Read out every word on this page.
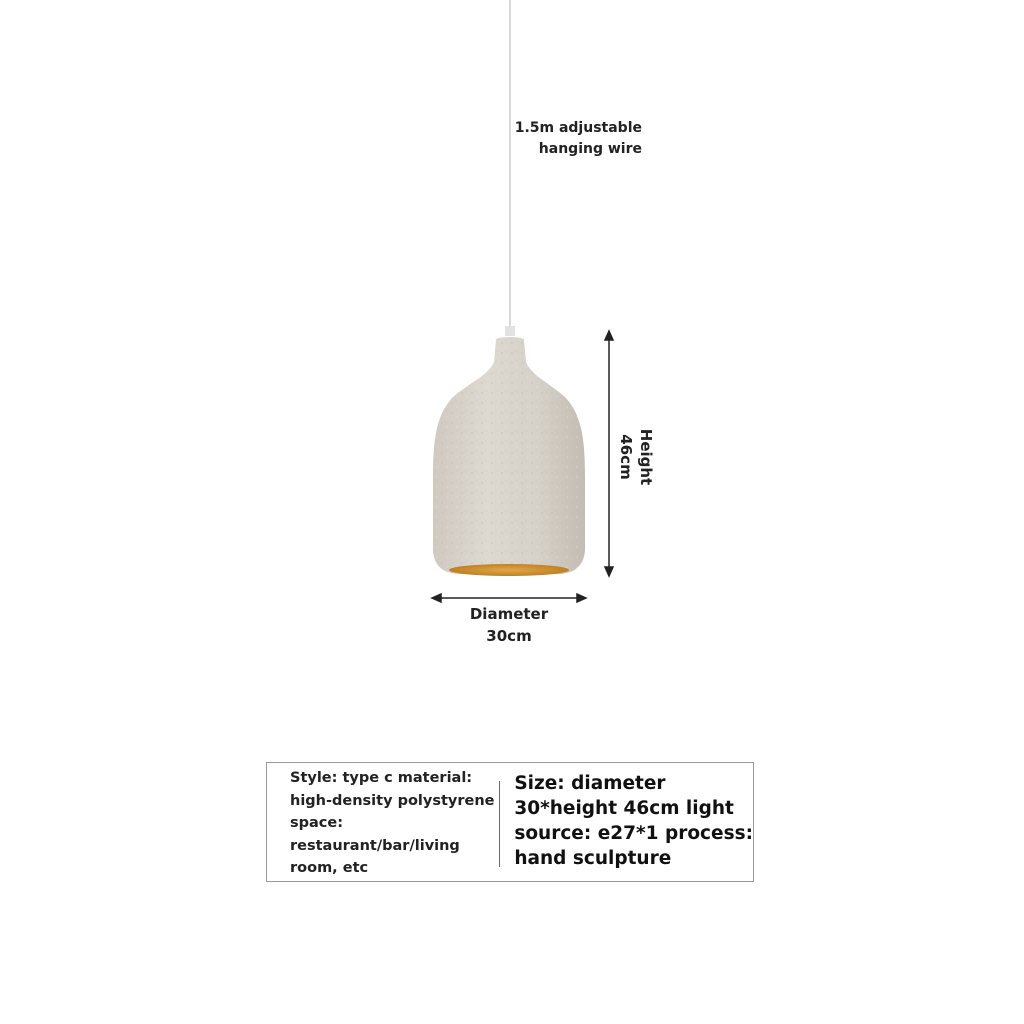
1.5m adjustable
hanging wire
Diameter
30cm
Height
46cm
Style: type c material:
high-density polystyrene
space:
restaurant/bar/living
room, etc
Size: diameter
30*height 46cm light
source: e27*1 process:
hand sculpture
